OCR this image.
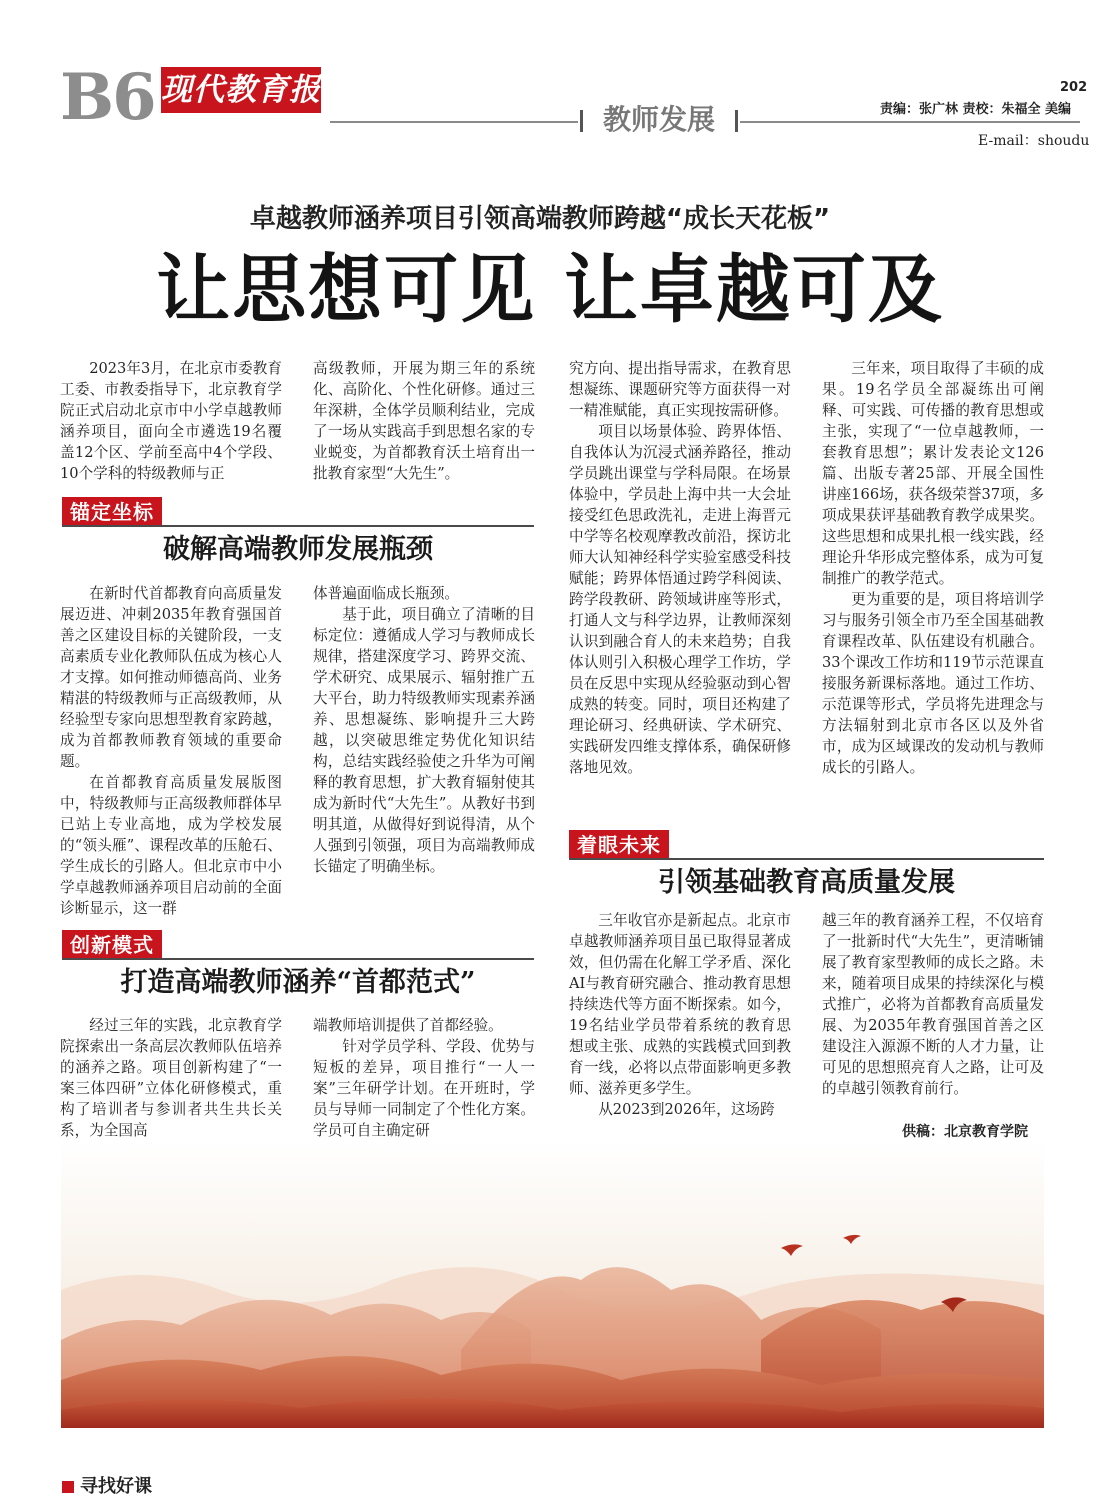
B6 现代教育报
教师发展
202
责编：张广林 责校：朱福全 美编
E-mail：shoudu
卓越教师涵养项目引领高端教师跨越“成长天花板”
让思想可见 让卓越可及

2023年3月，在北京市委教育工委、市教委指导下，北京教育学院正式启动北京市中小学卓越教师涵养项目，面向全市遴选19名覆盖12个区、学前至高中4个学段、10个学科的特级教师与正

高级教师，开展为期三年的系统化、高阶化、个性化研修。通过三年深耕，全体学员顺利结业，完成了一场从实践高手到思想名家的专业蜕变，为首都教育沃土培育出一批教育家型“大先生”。

锚定坐标
破解高端教师发展瓶颈

在新时代首都教育向高质量发展迈进、冲刺2035年教育强国首善之区建设目标的关键阶段，一支高素质专业化教师队伍成为核心人才支撑。如何推动师德高尚、业务精湛的特级教师与正高级教师，从经验型专家向思想型教育家跨越，成为首都教师教育领域的重要命题。

在首都教育高质量发展版图中，特级教师与正高级教师群体早已站上专业高地，成为学校发展的“领头雁”、课程改革的压舱石、学生成长的引路人。但北京市中小学卓越教师涵养项目启动前的全面诊断显示，这一群

体普遍面临成长瓶颈。

基于此，项目确立了清晰的目标定位：遵循成人学习与教师成长规律，搭建深度学习、跨界交流、学术研究、成果展示、辐射推广五大平台，助力特级教师实现素养涵养、思想凝练、影响提升三大跨越，以突破思维定势优化知识结构，总结实践经验使之升华为可阐释的教育思想，扩大教育辐射使其成为新时代“大先生”。从教好书到明其道，从做得好到说得清，从个人强到引领强，项目为高端教师成长锚定了明确坐标。

创新模式
打造高端教师涵养“首都范式”

经过三年的实践，北京教育学院探索出一条高层次教师队伍培养的涵养之路。项目创新构建了“一案三体四研”立体化研修模式，重构了培训者与参训者共生共长关系，为全国高

端教师培训提供了首都经验。

针对学员学科、学段、优势与短板的差异，项目推行“一人一案”三年研学计划。在开班时，学员与导师一同制定了个性化方案。学员可自主确定研

究方向、提出指导需求，在教育思想凝练、课题研究等方面获得一对一精准赋能，真正实现按需研修。

项目以场景体验、跨界体悟、自我体认为沉浸式涵养路径，推动学员跳出课堂与学科局限。在场景体验中，学员赴上海中共一大会址接受红色思政洗礼，走进上海晋元中学等名校观摩教改前沿，探访北师大认知神经科学实验室感受科技赋能；跨界体悟通过跨学科阅读、跨学段教研、跨领域讲座等形式，打通人文与科学边界，让教师深刻认识到融合育人的未来趋势；自我体认则引入积极心理学工作坊，学员在反思中实现从经验驱动到心智成熟的转变。同时，项目还构建了理论研习、经典研读、学术研究、实践研发四维支撑体系，确保研修落地见效。

三年来，项目取得了丰硕的成果。19名学员全部凝练出可阐释、可实践、可传播的教育思想或主张，实现了“一位卓越教师，一套教育思想”；累计发表论文126篇、出版专著25部、开展全国性讲座166场，获各级荣誉37项，多项成果获评基础教育教学成果奖。这些思想和成果扎根一线实践，经理论升华形成完整体系，成为可复制推广的教学范式。

更为重要的是，项目将培训学习与服务引领全市乃至全国基础教育课程改革、队伍建设有机融合。33个课改工作坊和119节示范课直接服务新课标落地。通过工作坊、示范课等形式，学员将先进理念与方法辐射到北京市各区以及外省市，成为区域课改的发动机与教师成长的引路人。

着眼未来
引领基础教育高质量发展

三年收官亦是新起点。北京市卓越教师涵养项目虽已取得显著成效，但仍需在化解工学矛盾、深化AI与教育研究融合、推动教育思想持续迭代等方面不断探索。如今，19名结业学员带着系统的教育思想或主张、成熟的实践模式回到教育一线，必将以点带面影响更多教师、滋养更多学生。

从2023到2026年，这场跨

越三年的教育涵养工程，不仅培育了一批新时代“大先生”，更清晰铺展了教育家型教师的成长之路。未来，随着项目成果的持续深化与模式推广，必将为首都教育高质量发展、为2035年教育强国首善之区建设注入源源不断的人才力量，让可见的思想照亮育人之路，让可及的卓越引领教育前行。

供稿：北京教育学院
寻找好课
